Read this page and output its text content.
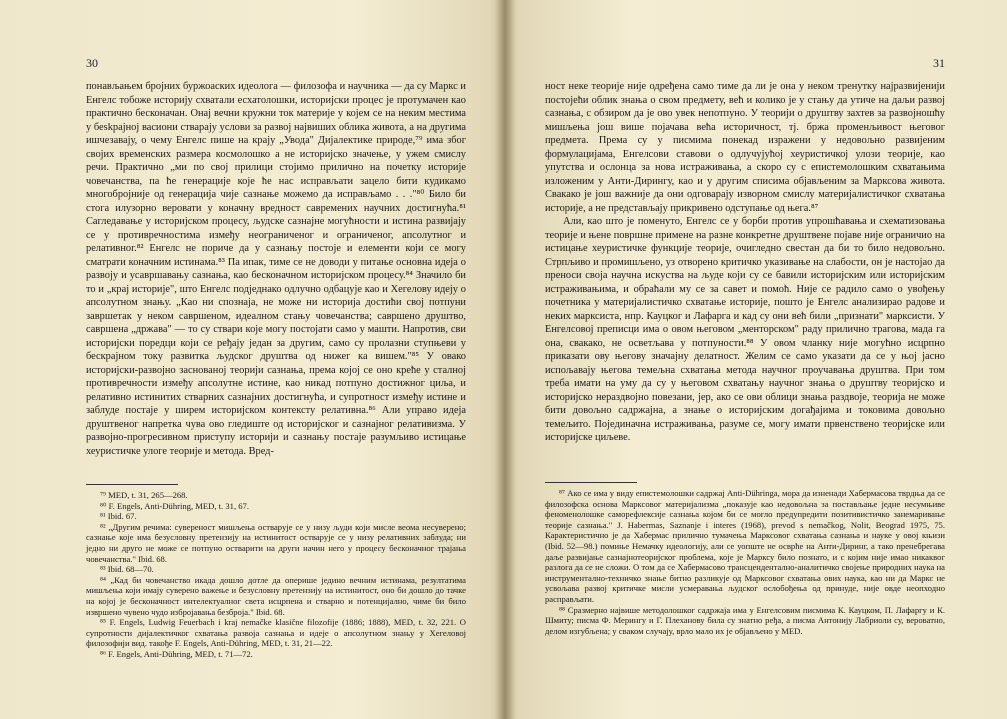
30

понављањем бројних буржоаских идеолога — филозофа и научника — да су Маркс и Енгелс тобоже историју схватали есхатолошки, историјски процес је протумачен као практично бесконачан. Онај вечни кружни ток материје у којем се на неким местима у беskрајној васиони стварају услови за развој највиших облика живота, а на другима ишчезавају, о чему Енгелс пише на крају „Увода" Дијалектике природе,⁷⁹ има због својих временских размера космолошко а не историјско значење, у ужем смислу речи. Практично „ми по свој прилици стојимо прилично на почетку историје човечанства, па ће генерације које ће нас исправљати зацело бити кудикамо многобројније од генерација чије сазнање можемо да исправљамо . . ."⁸⁰ Било би стога илузорно веровати у коначну вредност савремених научних достигнућа.⁸¹ Сагледавање у историјском процесу, људске сазнајне могућности и истина развијају се у противречностима између неограниченог и ограниченог, апсолутног и релативног.⁸² Енгелс не пориче да у сазнању постоје и елементи који се могу сматрати коначним истинама.⁸³ Па ипак, тиме се не доводи у питање основна идеја о развоју и усавршавању сазнања, као бесконачном историјском процесу.⁸⁴ Значило би то и „крај историје", што Енгелс подједнако одлучно одбацује као и Хегелову идеју о апсолутном знању. „Као ни спознаја, не може ни историја достићи свој потпуни завршетак у неком савршеном, идеалном стању човечанства; савршено друштво, савршена „држава" — то су ствари које могу постојати само у машти. Напротив, сви историјски поредци који се ређају један за другим, само су пролазни ступњеви у бескрајном току развитка људског друштва од нижег ка вишем."⁸⁵ У овако историјски-развојно заснованој теорији сазнања, према којој се оно креће у сталној противречности између апсолутне истине, као никад потпуно достижног циља, и релативно истинитих стварних сазнајних достигнућа, и супротност између истине и заблуде постаје у ширем историјском контексту релативна.⁸⁶ Али управо идеја друштвеног напретка чува ово гледиште од историјског и сазнајног релативизма. У развојно-прогресивном приступу историји и сазнању постаје разумљиво истицање хеуристичке улоге теорије и метода. Вред-

⁷⁹ MED, t. 31, 265—268.

⁸⁰ F. Engels, Anti-Dühring, MED, t. 31, 67.

⁸¹ Ibid. 67.

⁸² „Другим речима: сувереност мишљења остварује се у низу људи који мисле веома несуверено; сазнање које има безусловну претензију на истинитост остварује се у низу релативних заблуда; ни једно ни друго не може се потпуно остварити на други начин него у процесу бесконачног трајања човечанства." Ibid. 68.

⁸³ Ibid. 68—70.

⁸⁴ „Кад би човечанство икада дошло дотле да оперише једино вечним истинама, резултатима мишљења који имају суверено важење и безусловну претензију на истинитост, оно би дошло до тачке на којој је бесконачност интелектуалног света исцрпена и стварно и потенцијално, чиме би било извршено чувено чудо избројавања безброја." Ibid. 68.

⁸⁵ F. Engels, Ludwig Feuerbach i kraj nemačke klasične filozofije (1886; 1888), MED, t. 32, 221. О супротности дијалектичког схватања развоја сазнања и идеје о апсолутном знању у Хегеловој филозофији вид. такође F. Engels, Anti-Dühring, MED, t. 31, 21—22.

⁸⁶ F. Engels, Anti-Dühring, MED, t. 71—72.

31

ност неке теорије није одређена само тиме да ли је она у неком тренутку најразвијенији постојећи облик знања о свом предмету, већ и колико је у стању да утиче на даљи развој сазнања, с обзиром да је ово увек непотпуно. У теорији о друштву захтев за развојношћу мишљења још више појачава већа историчност, тј. бржа променљивост његовог предмета. Према су у писмима понекад изражени у недовољно развијеним формулацијама, Енгелсови ставови о одлучујућој хеуристичкој улози теорије, као упутства и ослонца за нова истраживања, а скоро су с епистемолошким схватањима изложеним у Анти-Дирингу, као и у другим списима објављеним за Марксова живота. Свакако је још важније да они одговарају изворном смислу материјалистичког схватања историје, а не представљају прикривено одступање од њега.⁸⁷

Али, као што је поменуто, Енгелс се у борби против упрошћавања и схематизовања теорије и њене површне примене на разне конкретне друштвене појаве није ограничио на истицање хеуристичке функције теорије, очигледно свестан да би то било недовољно. Стрпљиво и промишљено, уз отворено критичко указивање на слабости, он је настојао да преноси своја научна искуства на људе који су се бавили историјским или историјским истраживањима, и обраћали му се за савет и помоћ. Није се радило само о увођењу почетника у материјалистичко схватање историје, пошто је Енгелс анализирао радове и неких марксиста, нпр. Кауцког и Лафарга и кад су они већ били „признати" марксисти. У Енгелсовој преписци има о овом његовом „менторском" раду прилично трагова, мада га она, свакако, не осветљава у потпуности.⁸⁸ У овом чланку није могућно исцрпно приказати ову његову значајну делатност. Желим се само указати да се у њој јасно испољавају његова темељна схватања метода научног проучавања друштва. При том треба имати на уму да су у његовом схватању научног знања о друштву теоријско и историјско нераздвојно повезани, јер, ако се ови облици знања раздвоје, теорија не може бити довољно садржајна, а знање о историјским догађајима и токовима довољно темељито. Појединачна истраживања, разуме се, могу имати првенствено теоријске или историјске циљеве.

⁸⁷ Ако се има у виду епистемолошки садржај Anti-Dühringa, мора да изненади Хабермасова тврдња да се филозофска основа Марксовог материјализма „показује као недовољна за постављање једне несумњиве феноменолошке саморефлексије сазнања којом би се могло предупредити позитивистичко занемаривање теорије сазнања." J. Habermas, Saznanje i interes (1968), prevod s nemačkog, Nolit, Beograd 1975, 75. Карактеристично је да Хабермас прилично тумачења Марксовог схватања сазнања и науке у овој књизи (Ibid. 52—98.) помиње Немачку идеологију, али се уопште не осврће на Анти-Диринг, а тако пренебрегава даље развијање сазнајнотеоријског проблема, које је Марксу било познато, и с којим није имао никаквог разлога да се не сложи. О том да се Хабермасово трансцендентално-аналитичко својење природних наука на инструментално-техничко знање битно разликује од Марксовог схватања ових наука, као ни да Маркс не усвољава развој критичке мисли усмеравања људског ослобођења од принуде, није овде неопходно расправљати.

⁸⁸ Сразмерно највише методолошког садржаја има у Енгелсовим писмима К. Кауцком, П. Лафаргу и К. Шмиту; писма Ф. Мерингу и Г. Плеханову била су знатно ређа, а писма Антонију Лабриоли су, вероватно, делом изгубљена; у сваком случају, врло мало их је објављено у MED.
